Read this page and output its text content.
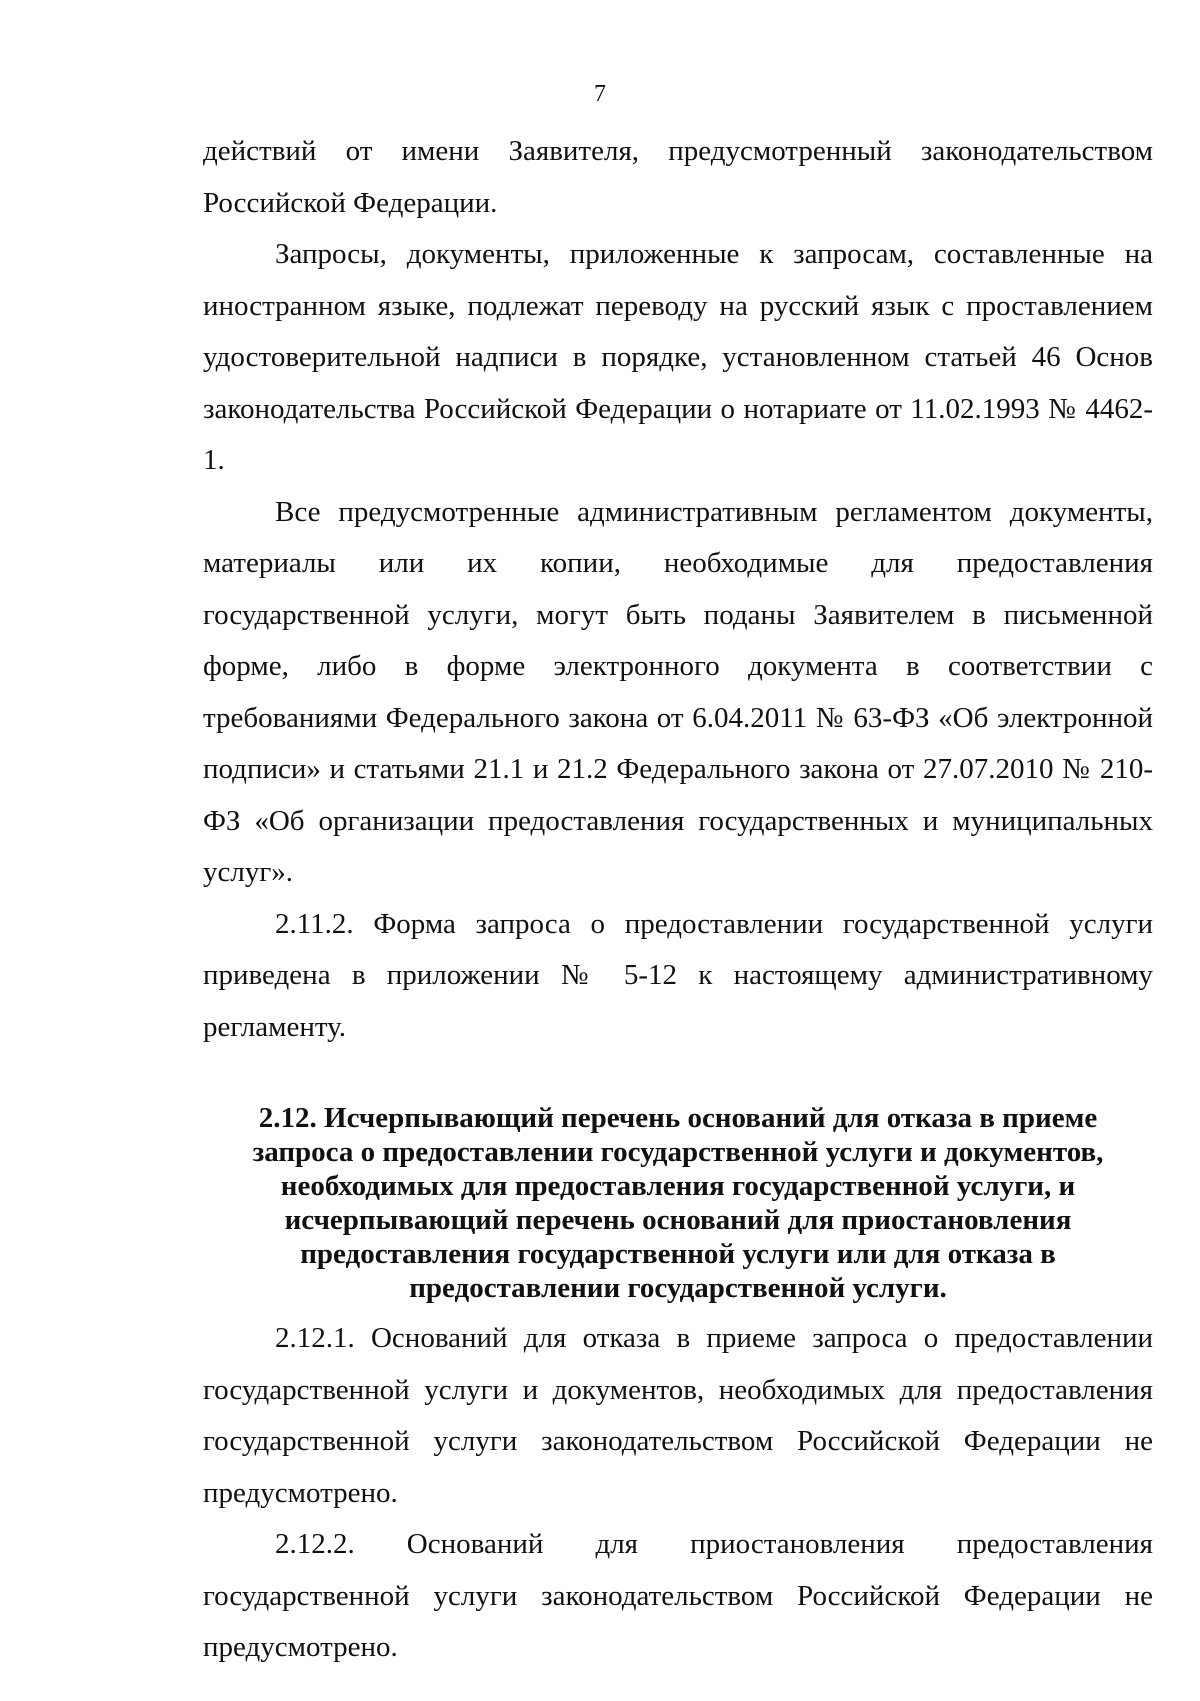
7

действий от имени Заявителя, предусмотренный законодательством Российской Федерации.

Запросы, документы, приложенные к запросам, составленные на иностранном языке, подлежат переводу на русский язык с проставлением удостоверительной надписи в порядке, установленном статьей 46 Основ законодательства Российской Федерации о нотариате от 11.02.1993 № 4462-1.

Все предусмотренные административным регламентом документы, материалы или их копии, необходимые для предоставления государственной услуги, могут быть поданы Заявителем в письменной форме, либо в форме электронного документа в соответствии с требованиями Федерального закона от 6.04.2011 № 63-ФЗ «Об электронной подписи» и статьями 21.1 и 21.2 Федерального закона от 27.07.2010 № 210-ФЗ «Об организации предоставления государственных и муниципальных услуг».

2.11.2. Форма запроса о предоставлении государственной услуги приведена в приложении № 5-12 к настоящему административному регламенту.

2.12. Исчерпывающий перечень оснований для отказа в приеме запроса о предоставлении государственной услуги и документов, необходимых для предоставления государственной услуги, и исчерпывающий перечень оснований для приостановления предоставления государственной услуги или для отказа в предоставлении государственной услуги.

2.12.1. Оснований для отказа в приеме запроса о предоставлении государственной услуги и документов, необходимых для предоставления государственной услуги законодательством Российской Федерации не предусмотрено.

2.12.2. Оснований для приостановления предоставления государственной услуги законодательством Российской Федерации не предусмотрено.
